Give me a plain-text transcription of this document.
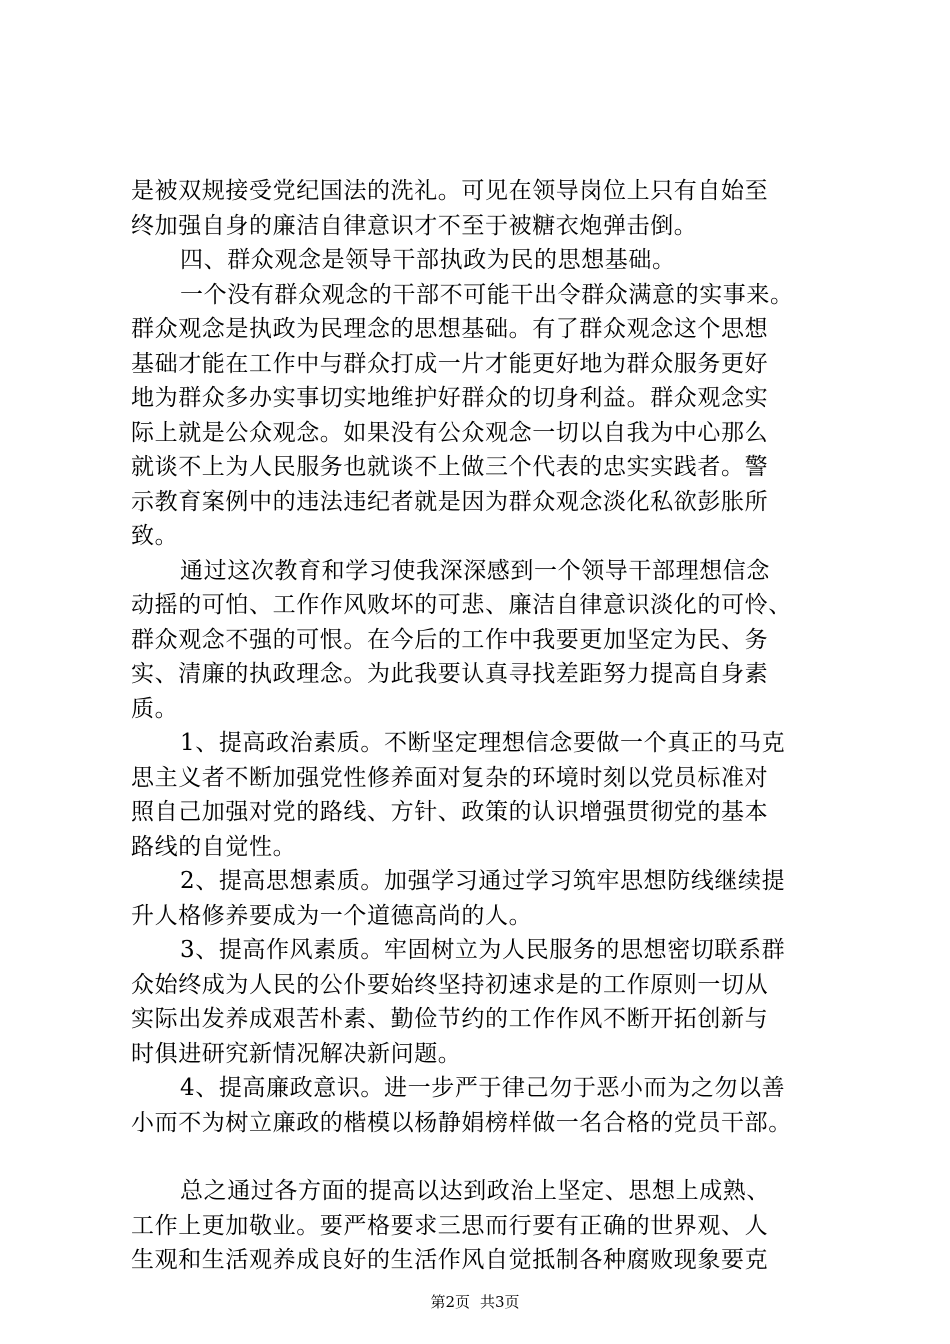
是被双规接受党纪国法的洗礼。可见在领导岗位上只有自始至
终加强自身的廉洁自律意识才不至于被糖衣炮弹击倒。
四、群众观念是领导干部执政为民的思想基础。
一个没有群众观念的干部不可能干出令群众满意的实事来。
群众观念是执政为民理念的思想基础。有了群众观念这个思想
基础才能在工作中与群众打成一片才能更好地为群众服务更好
地为群众多办实事切实地维护好群众的切身利益。群众观念实
际上就是公众观念。如果没有公众观念一切以自我为中心那么
就谈不上为人民服务也就谈不上做三个代表的忠实实践者。警
示教育案例中的违法违纪者就是因为群众观念淡化私欲彭胀所
致。
通过这次教育和学习使我深深感到一个领导干部理想信念
动摇的可怕、工作作风败坏的可悲、廉洁自律意识淡化的可怜、
群众观念不强的可恨。在今后的工作中我要更加坚定为民、务
实、清廉的执政理念。为此我要认真寻找差距努力提高自身素
质。
1、提高政治素质。不断坚定理想信念要做一个真正的马克
思主义者不断加强党性修养面对复杂的环境时刻以党员标准对
照自己加强对党的路线、方针、政策的认识增强贯彻党的基本
路线的自觉性。
2、提高思想素质。加强学习通过学习筑牢思想防线继续提
升人格修养要成为一个道德高尚的人。
3、提高作风素质。牢固树立为人民服务的思想密切联系群
众始终成为人民的公仆要始终坚持初速求是的工作原则一切从
实际出发养成艰苦朴素、勤俭节约的工作作风不断开拓创新与
时俱进研究新情况解决新问题。
4、提高廉政意识。进一步严于律己勿于恶小而为之勿以善
小而不为树立廉政的楷模以杨静娟榜样做一名合格的党员干部。
总之通过各方面的提高以达到政治上坚定、思想上成熟、
工作上更加敬业。要严格要求三思而行要有正确的世界观、人
生观和生活观养成良好的生活作风自觉抵制各种腐败现象要克
第2页 共3页
